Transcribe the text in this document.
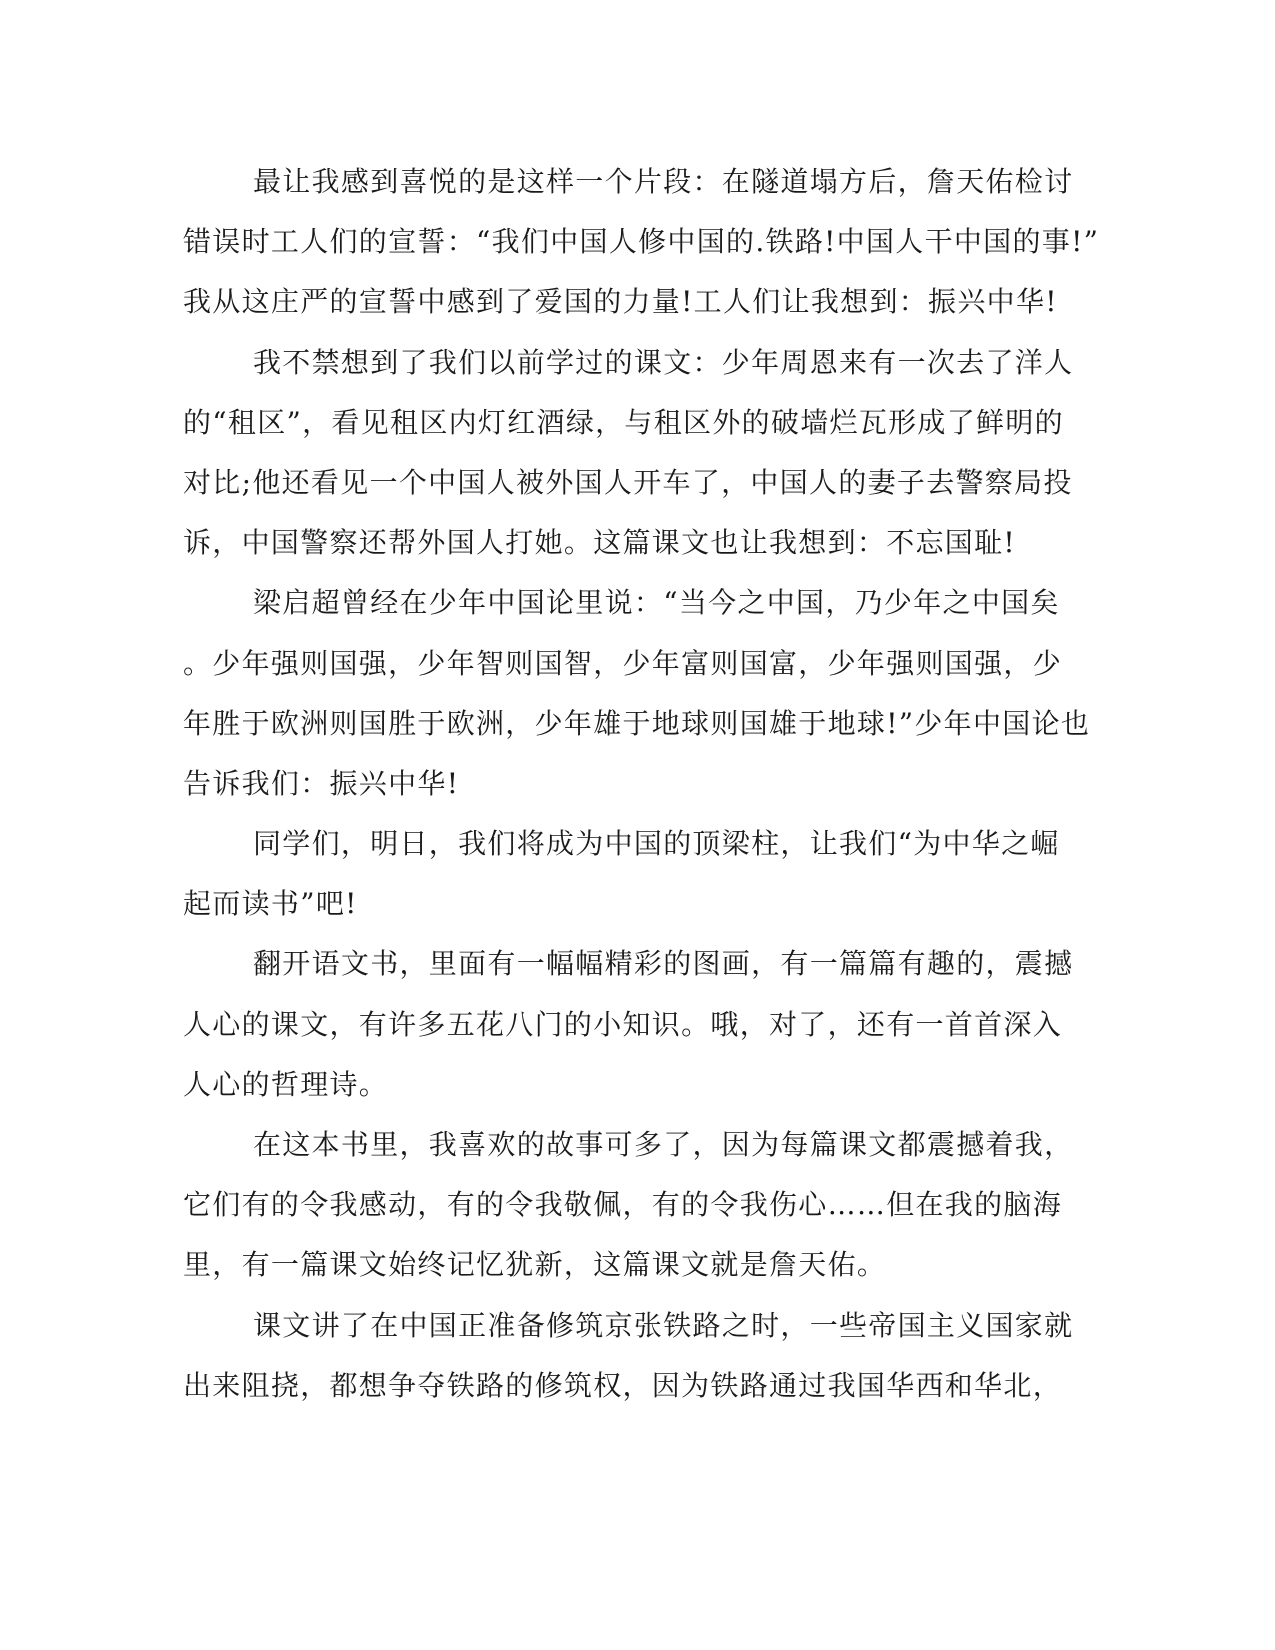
最让我感到喜悦的是这样一个片段：在隧道塌方后，詹天佑检讨
错误时工人们的宣誓：“我们中国人修中国的.铁路!中国人干中国的事!”
我从这庄严的宣誓中感到了爱国的力量!工人们让我想到：振兴中华!
我不禁想到了我们以前学过的课文：少年周恩来有一次去了洋人
的“租区”，看见租区内灯红酒绿，与租区外的破墙烂瓦形成了鲜明的
对比;他还看见一个中国人被外国人开车了，中国人的妻子去警察局投
诉，中国警察还帮外国人打她。这篇课文也让我想到：不忘国耻!
梁启超曾经在少年中国论里说：“当今之中国，乃少年之中国矣
。少年强则国强，少年智则国智，少年富则国富，少年强则国强，少
年胜于欧洲则国胜于欧洲，少年雄于地球则国雄于地球!”少年中国论也
告诉我们：振兴中华!
同学们，明日，我们将成为中国的顶梁柱，让我们“为中华之崛
起而读书”吧!
翻开语文书，里面有一幅幅精彩的图画，有一篇篇有趣的，震撼
人心的课文，有许多五花八门的小知识。哦，对了，还有一首首深入
人心的哲理诗。
在这本书里，我喜欢的故事可多了，因为每篇课文都震撼着我，
它们有的令我感动，有的令我敬佩，有的令我伤心……但在我的脑海
里，有一篇课文始终记忆犹新，这篇课文就是詹天佑。
课文讲了在中国正准备修筑京张铁路之时，一些帝国主义国家就
出来阻挠，都想争夺铁路的修筑权，因为铁路通过我国华西和华北，
